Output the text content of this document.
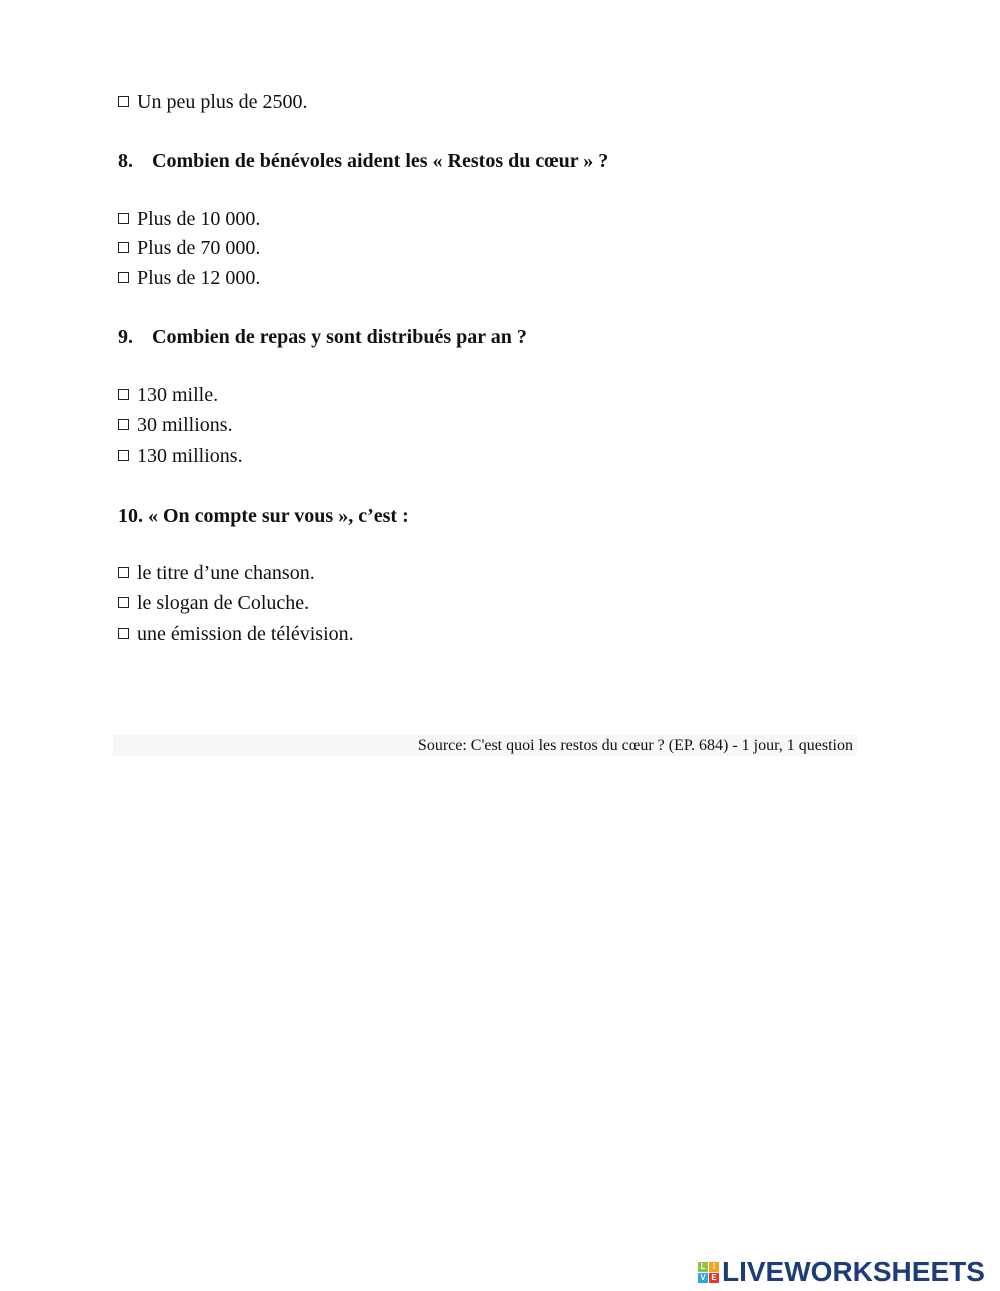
Un peu plus de 2500.
8. Combien de bénévoles aident les « Restos du cœur » ?
Plus de 10 000.
Plus de 70 000.
Plus de 12 000.
9. Combien de repas y sont distribués par an ?
130 mille.
30 millions.
130 millions.
10. « On compte sur vous », c’est :
le titre d’une chanson.
le slogan de Coluche.
une émission de télévision.
Source: C'est quoi les restos du cœur ? (EP. 684) - 1 jour, 1 question
L I
V E LIVEWORKSHEETS
